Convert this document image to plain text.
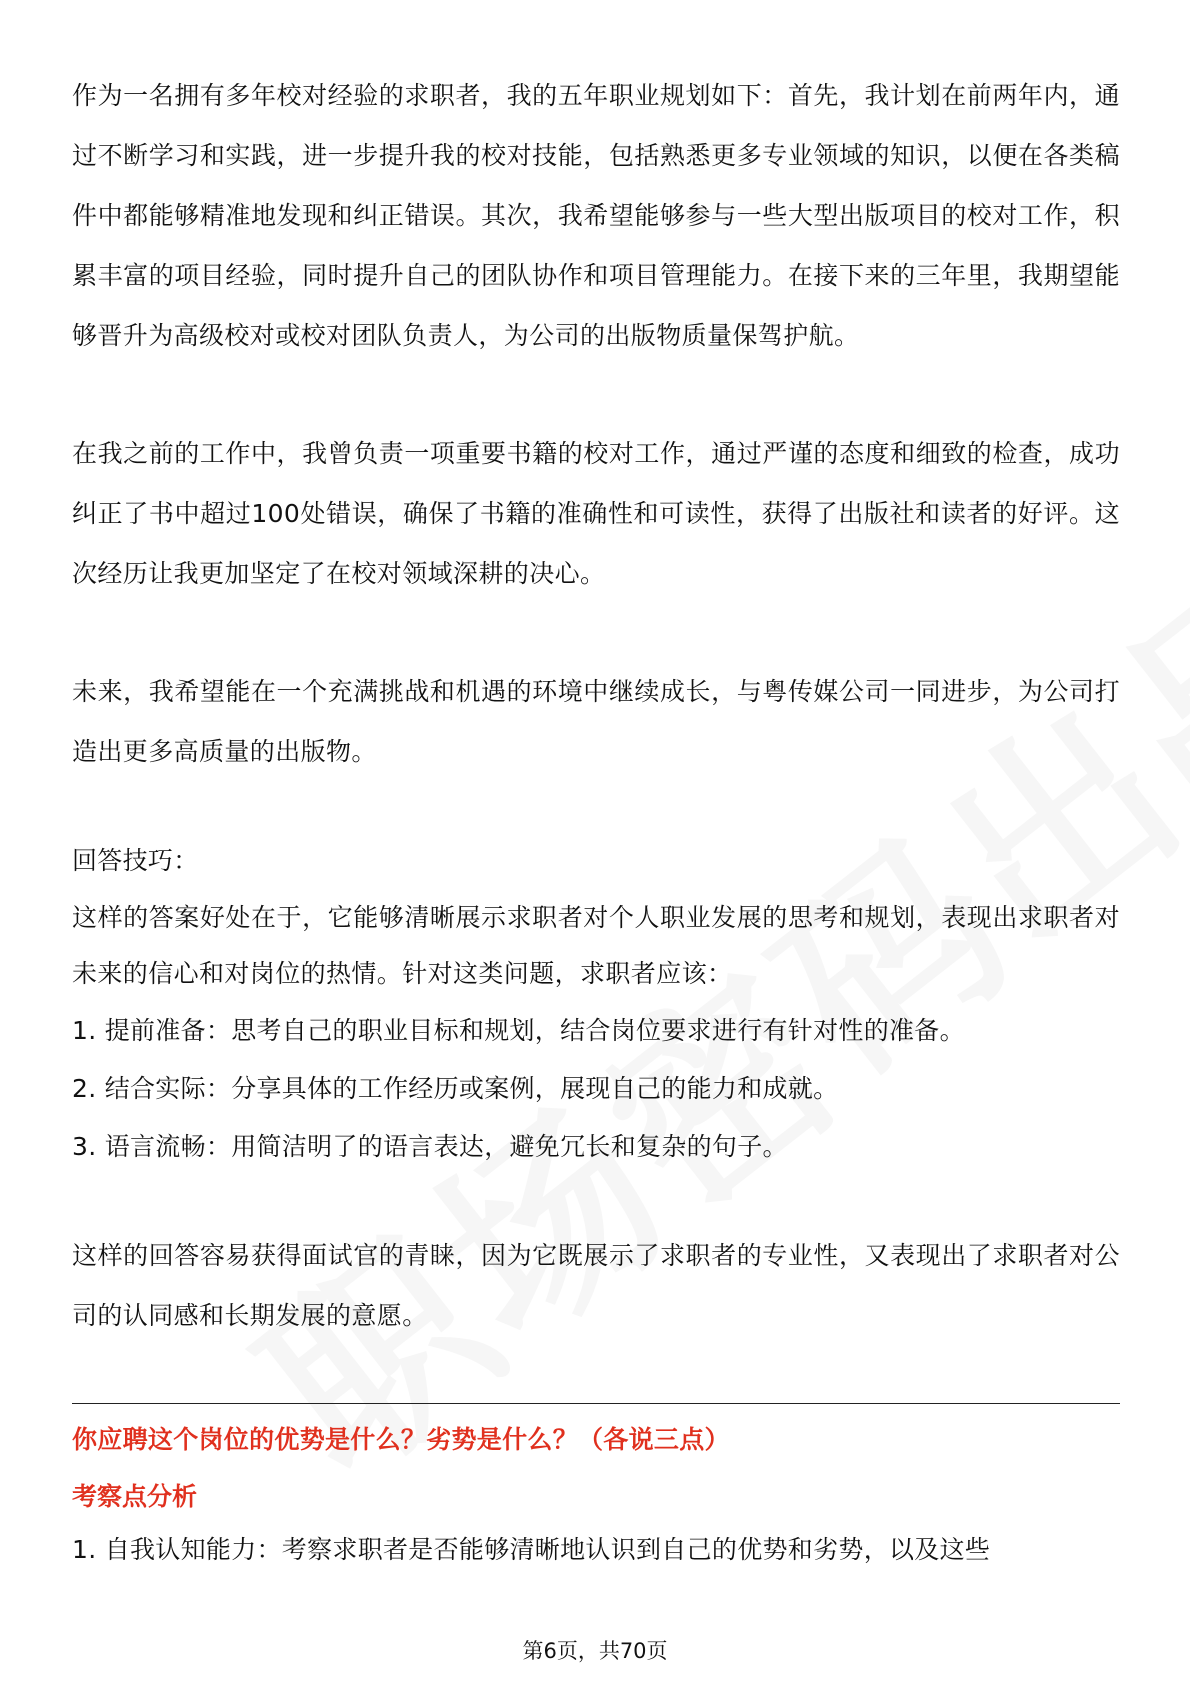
作为一名拥有多年校对经验的求职者，我的五年职业规划如下：首先，我计划在前两年内，通过不断学习和实践，进一步提升我的校对技能，包括熟悉更多专业领域的知识，以便在各类稿件中都能够精准地发现和纠正错误。其次，我希望能够参与一些大型出版项目的校对工作，积累丰富的项目经验，同时提升自己的团队协作和项目管理能力。在接下来的三年里，我期望能够晋升为高级校对或校对团队负责人，为公司的出版物质量保驾护航。

在我之前的工作中，我曾负责一项重要书籍的校对工作，通过严谨的态度和细致的检查，成功纠正了书中超过100处错误，确保了书籍的准确性和可读性，获得了出版社和读者的好评。这次经历让我更加坚定了在校对领域深耕的决心。

未来，我希望能在一个充满挑战和机遇的环境中继续成长，与粤传媒公司一同进步，为公司打造出更多高质量的出版物。

回答技巧：

这样的答案好处在于，它能够清晰展示求职者对个人职业发展的思考和规划，表现出求职者对未来的信心和对岗位的热情。针对这类问题，求职者应该：

1. 提前准备：思考自己的职业目标和规划，结合岗位要求进行有针对性的准备。

2. 结合实际：分享具体的工作经历或案例，展现自己的能力和成就。

3. 语言流畅：用简洁明了的语言表达，避免冗长和复杂的句子。

这样的回答容易获得面试官的青睐，因为它既展示了求职者的专业性，又表现出了求职者对公司的认同感和长期发展的意愿。

你应聘这个岗位的优势是什么？劣势是什么？（各说三点）
考察点分析
1. 自我认知能力：考察求职者是否能够清晰地认识到自己的优势和劣势，以及这些
第6页，共70页
